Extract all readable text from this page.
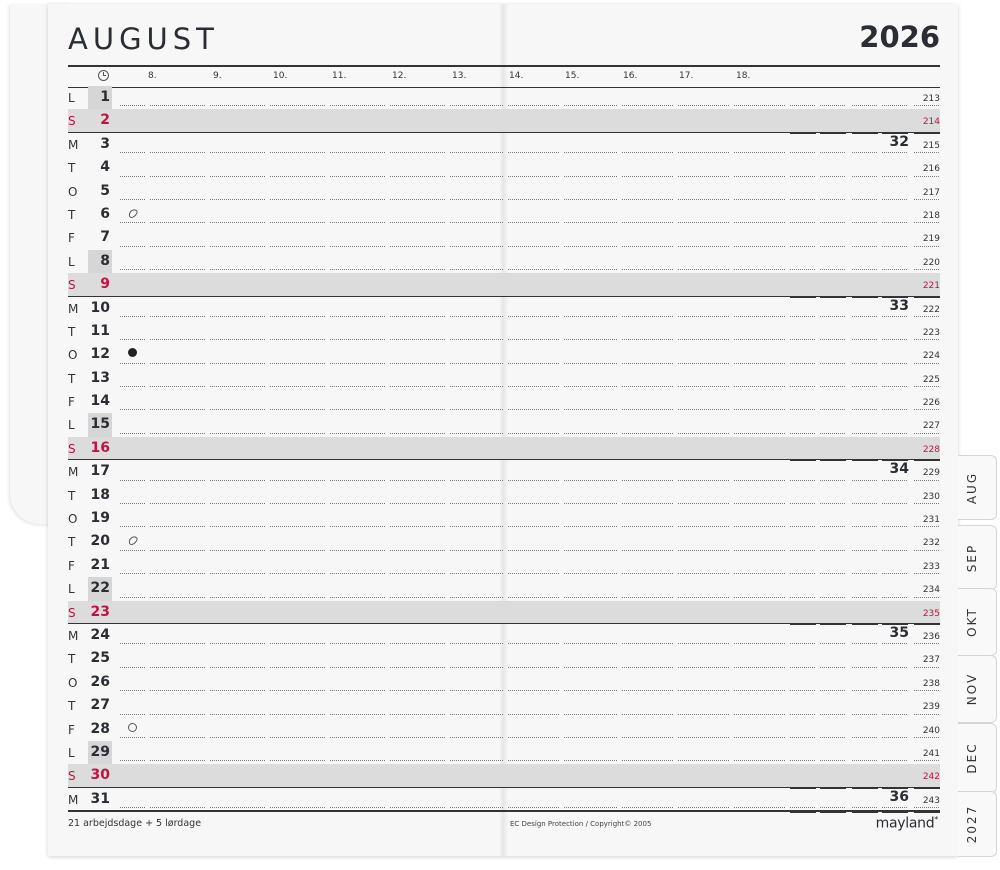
AUGUST	2026
8.	9.	10.	11.	12.	13.	14.	15.	16.	17.	18.
L 1	213
S 2	214
M 3	32 215
T 4	216
O 5	217
T 6	218
F 7	219
L 8	220
S 9	221
M 10	33 222
T 11	223
O 12	224
T 13	225
F 14	226
L 15	227
S 16	228
M 17	34 229
T 18	230
O 19	231
T 20	232
F 21	233
L 22	234
S 23	235
M 24	35 236
T 25	237
O 26	238
T 27	239
F 28	240
L 29	241
S 30	242
M 31	36 243
21 arbejdsdage + 5 lørdage	EC Design Protection / Copyright© 2005	mayland*
AUG
SEP
OKT
NOV
DEC
2027
